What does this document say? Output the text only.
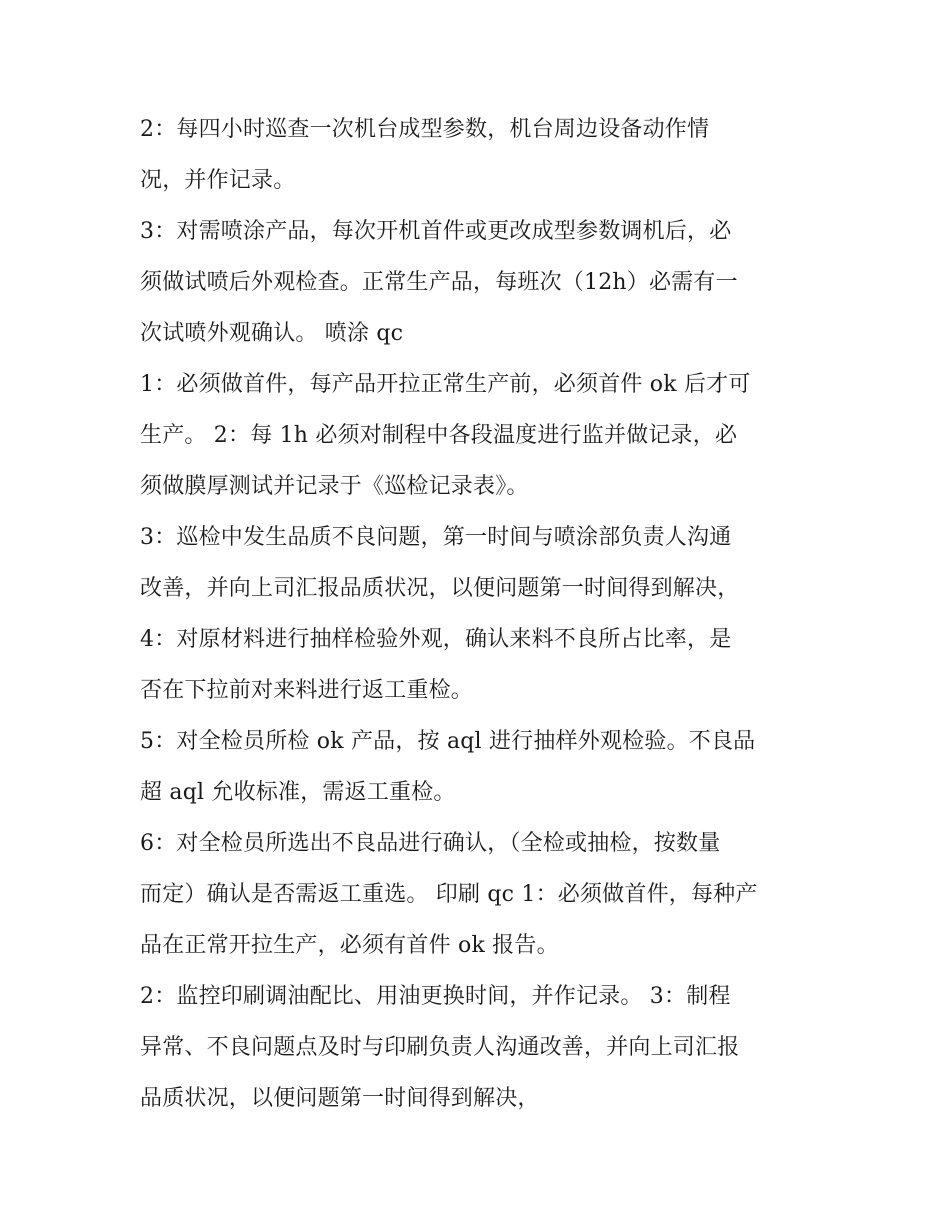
2：每四小时巡查一次机台成型参数，机台周边设备动作情
况，并作记录。
3：对需喷涂产品，每次开机首件或更改成型参数调机后，必
须做试喷后外观检查。正常生产品，每班次（12h）必需有一
次试喷外观确认。 喷涂 qc
1：必须做首件，每产品开拉正常生产前，必须首件 ok 后才可
生产。 2：每 1h 必须对制程中各段温度进行监并做记录，必
须做膜厚测试并记录于《巡检记录表》。
3：巡检中发生品质不良问题，第一时间与喷涂部负责人沟通
改善，并向上司汇报品质状况，以便问题第一时间得到解决，
4：对原材料进行抽样检验外观，确认来料不良所占比率，是
否在下拉前对来料进行返工重检。
5：对全检员所检 ok 产品，按 aql 进行抽样外观检验。不良品
超 aql 允收标准，需返工重检。
6：对全检员所选出不良品进行确认，（全检或抽检，按数量
而定）确认是否需返工重选。 印刷 qc 1：必须做首件，每种产
品在正常开拉生产，必须有首件 ok 报告。
2：监控印刷调油配比、用油更换时间，并作记录。 3：制程
异常、不良问题点及时与印刷负责人沟通改善，并向上司汇报
品质状况，以便问题第一时间得到解决，
